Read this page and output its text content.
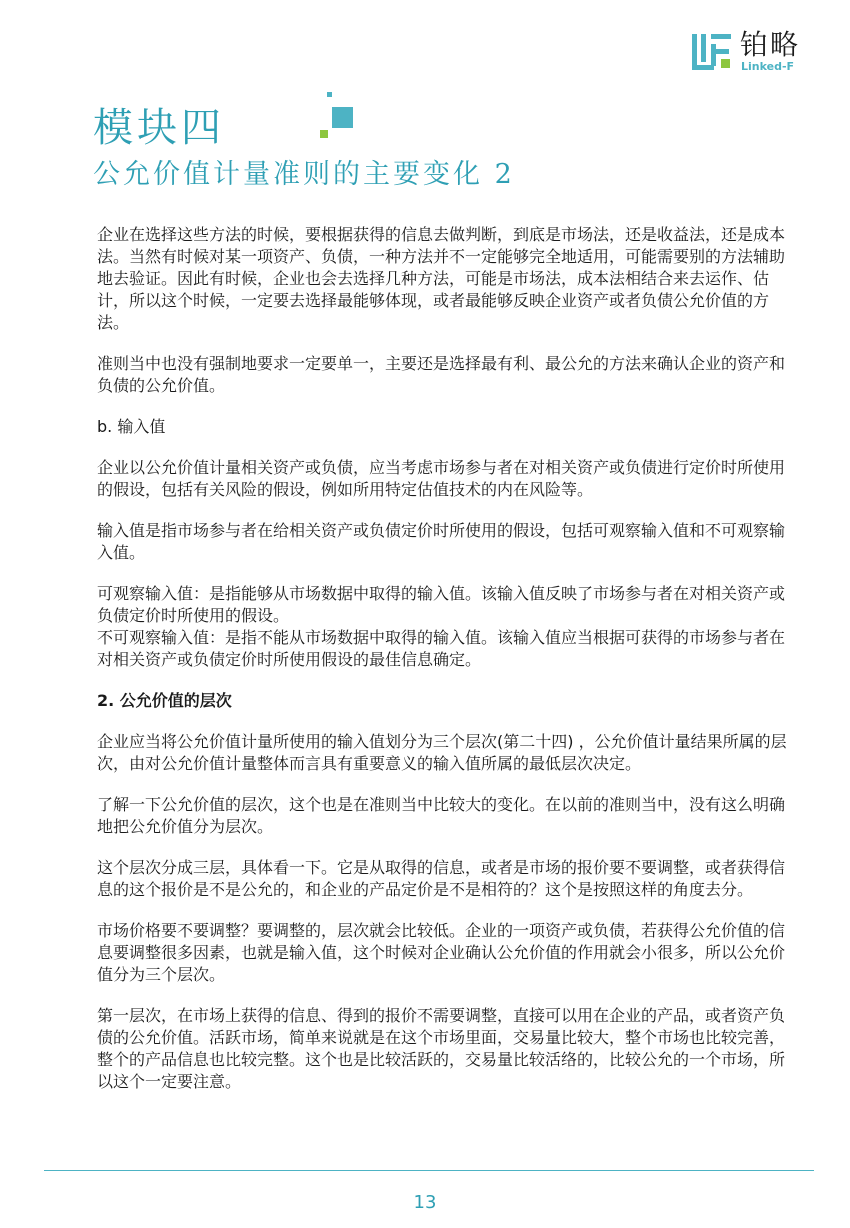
铂略
Linked-F
模块四
公允价值计量准则的主要变化 2

企业在选择这些方法的时候，要根据获得的信息去做判断，到底是市场法，还是收益法，还是成本法。当然有时候对某一项资产、负债，一种方法并不一定能够完全地适用，可能需要别的方法辅助地去验证。因此有时候，企业也会去选择几种方法，可能是市场法，成本法相结合来去运作、估计，所以这个时候，一定要去选择最能够体现，或者最能够反映企业资产或者负债公允价值的方法。

准则当中也没有强制地要求一定要单一，主要还是选择最有利、最公允的方法来确认企业的资产和负债的公允价值。

b. 输入值

企业以公允价值计量相关资产或负债，应当考虑市场参与者在对相关资产或负债进行定价时所使用的假设，包括有关风险的假设，例如所用特定估值技术的内在风险等。

输入值是指市场参与者在给相关资产或负债定价时所使用的假设，包括可观察输入值和不可观察输入值。

可观察输入值：是指能够从市场数据中取得的输入值。该输入值反映了市场参与者在对相关资产或负债定价时所使用的假设。

不可观察输入值：是指不能从市场数据中取得的输入值。该输入值应当根据可获得的市场参与者在对相关资产或负债定价时所使用假设的最佳信息确定。

2. 公允价值的层次

企业应当将公允价值计量所使用的输入值划分为三个层次(第二十四) ，公允价值计量结果所属的层次，由对公允价值计量整体而言具有重要意义的输入值所属的最低层次决定。

了解一下公允价值的层次，这个也是在准则当中比较大的变化。在以前的准则当中，没有这么明确地把公允价值分为层次。

这个层次分成三层，具体看一下。它是从取得的信息，或者是市场的报价要不要调整，或者获得信息的这个报价是不是公允的，和企业的产品定价是不是相符的？这个是按照这样的角度去分。

市场价格要不要调整？要调整的，层次就会比较低。企业的一项资产或负债，若获得公允价值的信息要调整很多因素，也就是输入值，这个时候对企业确认公允价值的作用就会小很多，所以公允价值分为三个层次。

第一层次，在市场上获得的信息、得到的报价不需要调整，直接可以用在企业的产品，或者资产负债的公允价值。活跃市场，简单来说就是在这个市场里面，交易量比较大，整个市场也比较完善，整个的产品信息也比较完整。这个也是比较活跃的，交易量比较活络的，比较公允的一个市场，所以这个一定要注意。

13
